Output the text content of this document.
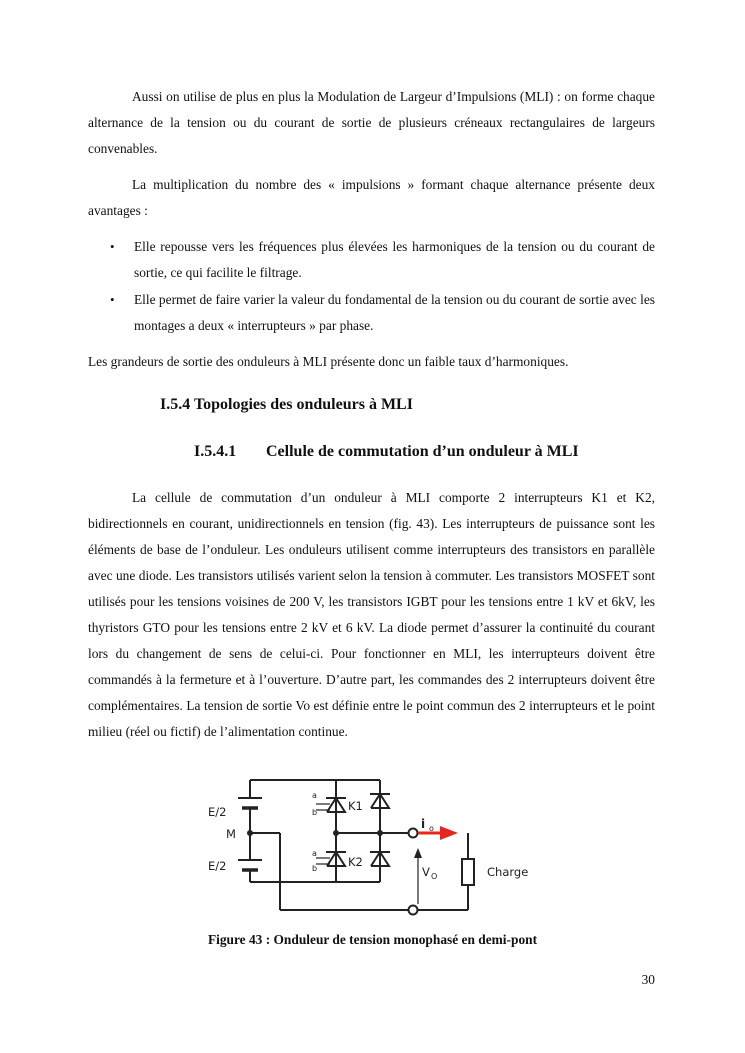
Aussi on utilise de plus en plus la Modulation de Largeur d’Impulsions (MLI) : on forme chaque alternance de la tension ou du courant de sortie de plusieurs créneaux rectangulaires de largeurs convenables.

La multiplication du nombre des « impulsions » formant chaque alternance présente deux avantages :

• Elle repousse vers les fréquences plus élevées les harmoniques de la tension ou du courant de sortie, ce qui facilite le filtrage.
• Elle permet de faire varier la valeur du fondamental de la tension ou du courant de sortie avec les montages a deux « interrupteurs » par phase.

Les grandeurs de sortie des onduleurs à MLI présente donc un faible taux d’harmoniques.

I.5.4 Topologies des onduleurs à MLI
I.5.4.1 Cellule de commutation d’un onduleur à MLI

La cellule de commutation d’un onduleur à MLI comporte 2 interrupteurs K1 et K2, bidirectionnels en courant, unidirectionnels en tension (fig. 43). Les interrupteurs de puissance sont les éléments de base de l’onduleur. Les onduleurs utilisent comme interrupteurs des transistors en parallèle avec une diode. Les transistors utilisés varient selon la tension à commuter. Les transistors MOSFET sont utilisés pour les tensions voisines de 200 V, les transistors IGBT pour les tensions entre 1 kV et 6kV, les thyristors GTO pour les tensions entre 2 kV et 6 kV. La diode permet d’assurer la continuité du courant lors du changement de sens de celui-ci. Pour fonctionner en MLI, les interrupteurs doivent être commandés à la fermeture et à l’ouverture. D’autre part, les commandes des 2 interrupteurs doivent être complémentaires. La tension de sortie Vo est définie entre le point commun des 2 interrupteurs et le point milieu (réel ou fictif) de l’alimentation continue.

E/2
M
E/2
a
b	K1
a
b	K2
i o
V O	Charge

Figure 43 : Onduleur de tension monophasé en demi-pont

30
